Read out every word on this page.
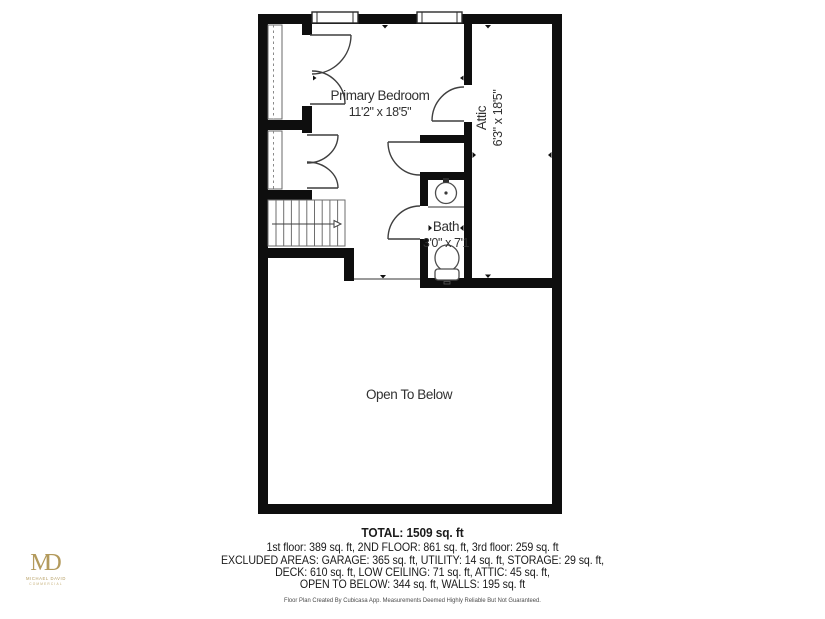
Primary Bedroom
11'2" x 18'5"	Attic 6'3" x 18'5"
Bath
3'0" x 7'1
Open To Below
TOTAL: 1509 sq. ft
1st floor: 389 sq. ft, 2ND FLOOR: 861 sq. ft, 3rd floor: 259 sq. ft
EXCLUDED AREAS: GARAGE: 365 sq. ft, UTILITY: 14 sq. ft, STORAGE: 29 sq. ft,
DECK: 610 sq. ft, LOW CEILING: 71 sq. ft, ATTIC: 45 sq. ft,
OPEN TO BELOW: 344 sq. ft, WALLS: 195 sq. ft
Floor Plan Created By Cubicasa App. Measurements Deemed Highly Reliable But Not Guaranteed.
MD
MICHAEL DAVID
COMMERCIAL
